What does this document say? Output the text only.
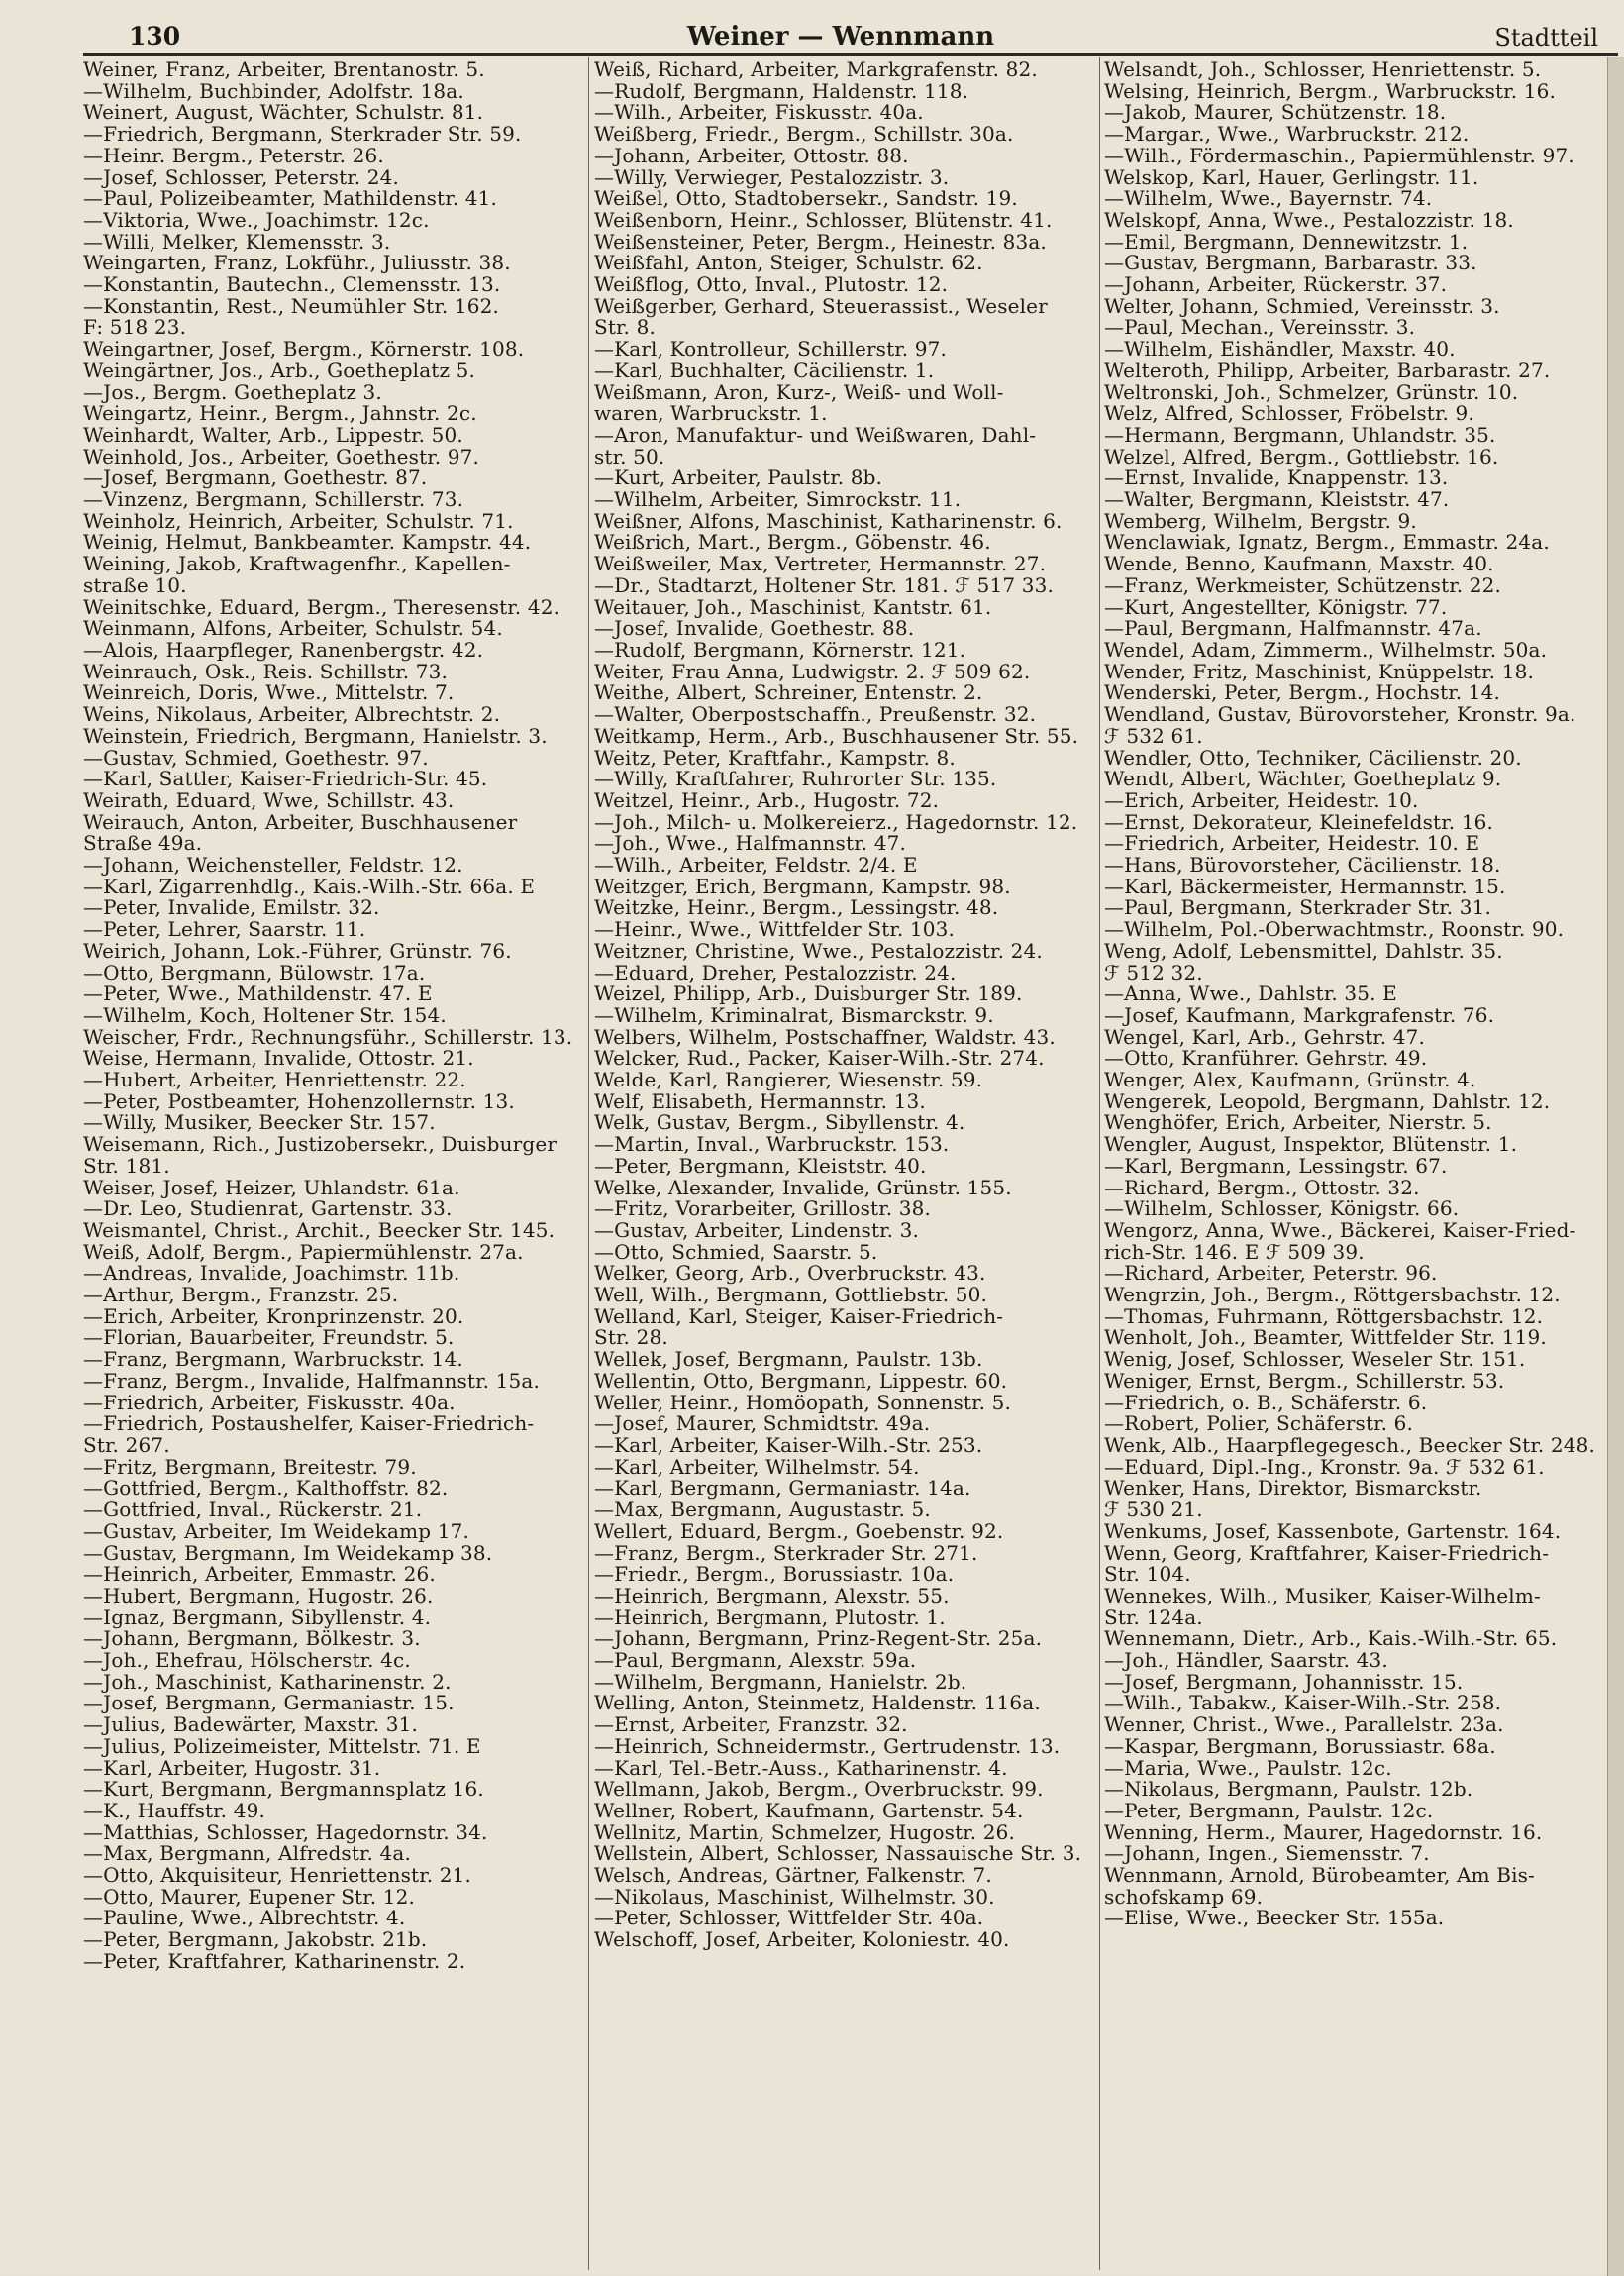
130	Weiner — Wennmann	Stadtteil
Weiner, Franz, Arbeiter, Brentanostr. 5.
—Wilhelm, Buchbinder, Adolfstr. 18a.
Weinert, August, Wächter, Schulstr. 81.
—Friedrich, Bergmann, Sterkrader Str. 59.
—Heinr. Bergm., Peterstr. 26.
—Josef, Schlosser, Peterstr. 24.
—Paul, Polizeibeamter, Mathildenstr. 41.
—Viktoria, Wwe., Joachimstr. 12c.
—Willi, Melker, Klemensstr. 3.
Weingarten, Franz, Lokführ., Juliusstr. 38.
—Konstantin, Bautechn., Clemensstr. 13.
—Konstantin, Rest., Neumühler Str. 162.
F: 518 23.
Weingartner, Josef, Bergm., Körnerstr. 108.
Weingärtner, Jos., Arb., Goetheplatz 5.
—Jos., Bergm. Goetheplatz 3.
Weingartz, Heinr., Bergm., Jahnstr. 2c.
Weinhardt, Walter, Arb., Lippestr. 50.
Weinhold, Jos., Arbeiter, Goethestr. 97.
—Josef, Bergmann, Goethestr. 87.
—Vinzenz, Bergmann, Schillerstr. 73.
Weinholz, Heinrich, Arbeiter, Schulstr. 71.
Weinig, Helmut, Bankbeamter. Kampstr. 44.
Weining, Jakob, Kraftwagenfhr., Kapellen-
straße 10.
Weinitschke, Eduard, Bergm., Theresenstr. 42.
Weinmann, Alfons, Arbeiter, Schulstr. 54.
—Alois, Haarpfleger, Ranenbergstr. 42.
Weinrauch, Osk., Reis. Schillstr. 73.
Weinreich, Doris, Wwe., Mittelstr. 7.
Weins, Nikolaus, Arbeiter, Albrechtstr. 2.
Weinstein, Friedrich, Bergmann, Hanielstr. 3.
—Gustav, Schmied, Goethestr. 97.
—Karl, Sattler, Kaiser-Friedrich-Str. 45.
Weirath, Eduard, Wwe, Schillstr. 43.
Weirauch, Anton, Arbeiter, Buschhausener
Straße 49a.
—Johann, Weichensteller, Feldstr. 12.
—Karl, Zigarrenhdlg., Kais.-Wilh.-Str. 66a. E
—Peter, Invalide, Emilstr. 32.
—Peter, Lehrer, Saarstr. 11.
Weirich, Johann, Lok.-Führer, Grünstr. 76.
—Otto, Bergmann, Bülowstr. 17a.
—Peter, Wwe., Mathildenstr. 47. E
—Wilhelm, Koch, Holtener Str. 154.
Weischer, Frdr., Rechnungsführ., Schillerstr. 13.
Weise, Hermann, Invalide, Ottostr. 21.
—Hubert, Arbeiter, Henriettenstr. 22.
—Peter, Postbeamter, Hohenzollernstr. 13.
—Willy, Musiker, Beecker Str. 157.
Weisemann, Rich., Justizobersekr., Duisburger
Str. 181.
Weiser, Josef, Heizer, Uhlandstr. 61a.
—Dr. Leo, Studienrat, Gartenstr. 33.
Weismantel, Christ., Archit., Beecker Str. 145.
Weiß, Adolf, Bergm., Papiermühlenstr. 27a.
—Andreas, Invalide, Joachimstr. 11b.
—Arthur, Bergm., Franzstr. 25.
—Erich, Arbeiter, Kronprinzenstr. 20.
—Florian, Bauarbeiter, Freundstr. 5.
—Franz, Bergmann, Warbruckstr. 14.
—Franz, Bergm., Invalide, Halfmannstr. 15a.
—Friedrich, Arbeiter, Fiskusstr. 40a.
—Friedrich, Postaushelfer, Kaiser-Friedrich-
Str. 267.
—Fritz, Bergmann, Breitestr. 79.
—Gottfried, Bergm., Kalthoffstr. 82.
—Gottfried, Inval., Rückerstr. 21.
—Gustav, Arbeiter, Im Weidekamp 17.
—Gustav, Bergmann, Im Weidekamp 38.
—Heinrich, Arbeiter, Emmastr. 26.
—Hubert, Bergmann, Hugostr. 26.
—Ignaz, Bergmann, Sibyllenstr. 4.
—Johann, Bergmann, Bölkestr. 3.
—Joh., Ehefrau, Hölscherstr. 4c.
—Joh., Maschinist, Katharinenstr. 2.
—Josef, Bergmann, Germaniastr. 15.
—Julius, Badewärter, Maxstr. 31.
—Julius, Polizeimeister, Mittelstr. 71. E
—Karl, Arbeiter, Hugostr. 31.
—Kurt, Bergmann, Bergmannsplatz 16.
—K., Hauffstr. 49.
—Matthias, Schlosser, Hagedornstr. 34.
—Max, Bergmann, Alfredstr. 4a.
—Otto, Akquisiteur, Henriettenstr. 21.
—Otto, Maurer, Eupener Str. 12.
—Pauline, Wwe., Albrechtstr. 4.
—Peter, Bergmann, Jakobstr. 21b.
—Peter, Kraftfahrer, Katharinenstr. 2.
Weiß, Richard, Arbeiter, Markgrafenstr. 82.
—Rudolf, Bergmann, Haldenstr. 118.
—Wilh., Arbeiter, Fiskusstr. 40a.
Weißberg, Friedr., Bergm., Schillstr. 30a.
—Johann, Arbeiter, Ottostr. 88.
—Willy, Verwieger, Pestalozzistr. 3.
Weißel, Otto, Stadtobersekr., Sandstr. 19.
Weißenborn, Heinr., Schlosser, Blütenstr. 41.
Weißensteiner, Peter, Bergm., Heinestr. 83a.
Weißfahl, Anton, Steiger, Schulstr. 62.
Weißflog, Otto, Inval., Plutostr. 12.
Weißgerber, Gerhard, Steuerassist., Weseler
Str. 8.
—Karl, Kontrolleur, Schillerstr. 97.
—Karl, Buchhalter, Cäcilienstr. 1.
Weißmann, Aron, Kurz-, Weiß- und Woll-
waren, Warbruckstr. 1.
—Aron, Manufaktur- und Weißwaren, Dahl-
str. 50.
—Kurt, Arbeiter, Paulstr. 8b.
—Wilhelm, Arbeiter, Simrockstr. 11.
Weißner, Alfons, Maschinist, Katharinenstr. 6.
Weißrich, Mart., Bergm., Göbenstr. 46.
Weißweiler, Max, Vertreter, Hermannstr. 27.
—Dr., Stadtarzt, Holtener Str. 181. ℱ 517 33.
Weitauer, Joh., Maschinist, Kantstr. 61.
—Josef, Invalide, Goethestr. 88.
—Rudolf, Bergmann, Körnerstr. 121.
Weiter, Frau Anna, Ludwigstr. 2. ℱ 509 62.
Weithe, Albert, Schreiner, Entenstr. 2.
—Walter, Oberpostschaffn., Preußenstr. 32.
Weitkamp, Herm., Arb., Buschhausener Str. 55.
Weitz, Peter, Kraftfahr., Kampstr. 8.
—Willy, Kraftfahrer, Ruhrorter Str. 135.
Weitzel, Heinr., Arb., Hugostr. 72.
—Joh., Milch- u. Molkereierz., Hagedornstr. 12.
—Joh., Wwe., Halfmannstr. 47.
—Wilh., Arbeiter, Feldstr. 2/4. E
Weitzger, Erich, Bergmann, Kampstr. 98.
Weitzke, Heinr., Bergm., Lessingstr. 48.
—Heinr., Wwe., Wittfelder Str. 103.
Weitzner, Christine, Wwe., Pestalozzistr. 24.
—Eduard, Dreher, Pestalozzistr. 24.
Weizel, Philipp, Arb., Duisburger Str. 189.
—Wilhelm, Kriminalrat, Bismarckstr. 9.
Welbers, Wilhelm, Postschaffner, Waldstr. 43.
Welcker, Rud., Packer, Kaiser-Wilh.-Str. 274.
Welde, Karl, Rangierer, Wiesenstr. 59.
Welf, Elisabeth, Hermannstr. 13.
Welk, Gustav, Bergm., Sibyllenstr. 4.
—Martin, Inval., Warbruckstr. 153.
—Peter, Bergmann, Kleiststr. 40.
Welke, Alexander, Invalide, Grünstr. 155.
—Fritz, Vorarbeiter, Grillostr. 38.
—Gustav, Arbeiter, Lindenstr. 3.
—Otto, Schmied, Saarstr. 5.
Welker, Georg, Arb., Overbruckstr. 43.
Well, Wilh., Bergmann, Gottliebstr. 50.
Welland, Karl, Steiger, Kaiser-Friedrich-
Str. 28.
Wellek, Josef, Bergmann, Paulstr. 13b.
Wellentin, Otto, Bergmann, Lippestr. 60.
Weller, Heinr., Homöopath, Sonnenstr. 5.
—Josef, Maurer, Schmidtstr. 49a.
—Karl, Arbeiter, Kaiser-Wilh.-Str. 253.
—Karl, Arbeiter, Wilhelmstr. 54.
—Karl, Bergmann, Germaniastr. 14a.
—Max, Bergmann, Augustastr. 5.
Wellert, Eduard, Bergm., Goebenstr. 92.
—Franz, Bergm., Sterkrader Str. 271.
—Friedr., Bergm., Borussiastr. 10a.
—Heinrich, Bergmann, Alexstr. 55.
—Heinrich, Bergmann, Plutostr. 1.
—Johann, Bergmann, Prinz-Regent-Str. 25a.
—Paul, Bergmann, Alexstr. 59a.
—Wilhelm, Bergmann, Hanielstr. 2b.
Welling, Anton, Steinmetz, Haldenstr. 116a.
—Ernst, Arbeiter, Franzstr. 32.
—Heinrich, Schneidermstr., Gertrudenstr. 13.
—Karl, Tel.-Betr.-Auss., Katharinenstr. 4.
Wellmann, Jakob, Bergm., Overbruckstr. 99.
Wellner, Robert, Kaufmann, Gartenstr. 54.
Wellnitz, Martin, Schmelzer, Hugostr. 26.
Wellstein, Albert, Schlosser, Nassauische Str. 3.
Welsch, Andreas, Gärtner, Falkenstr. 7.
—Nikolaus, Maschinist, Wilhelmstr. 30.
—Peter, Schlosser, Wittfelder Str. 40a.
Welschoff, Josef, Arbeiter, Koloniestr. 40.
Welsandt, Joh., Schlosser, Henriettenstr. 5.
Welsing, Heinrich, Bergm., Warbruckstr. 16.
—Jakob, Maurer, Schützenstr. 18.
—Margar., Wwe., Warbruckstr. 212.
—Wilh., Fördermaschin., Papiermühlenstr. 97.
Welskop, Karl, Hauer, Gerlingstr. 11.
—Wilhelm, Wwe., Bayernstr. 74.
Welskopf, Anna, Wwe., Pestalozzistr. 18.
—Emil, Bergmann, Dennewitzstr. 1.
—Gustav, Bergmann, Barbarastr. 33.
—Johann, Arbeiter, Rückerstr. 37.
Welter, Johann, Schmied, Vereinsstr. 3.
—Paul, Mechan., Vereinsstr. 3.
—Wilhelm, Eishändler, Maxstr. 40.
Welteroth, Philipp, Arbeiter, Barbarastr. 27.
Weltronski, Joh., Schmelzer, Grünstr. 10.
Welz, Alfred, Schlosser, Fröbelstr. 9.
—Hermann, Bergmann, Uhlandstr. 35.
Welzel, Alfred, Bergm., Gottliebstr. 16.
—Ernst, Invalide, Knappenstr. 13.
—Walter, Bergmann, Kleiststr. 47.
Wemberg, Wilhelm, Bergstr. 9.
Wenclawiak, Ignatz, Bergm., Emmastr. 24a.
Wende, Benno, Kaufmann, Maxstr. 40.
—Franz, Werkmeister, Schützenstr. 22.
—Kurt, Angestellter, Königstr. 77.
—Paul, Bergmann, Halfmannstr. 47a.
Wendel, Adam, Zimmerm., Wilhelmstr. 50a.
Wender, Fritz, Maschinist, Knüppelstr. 18.
Wenderski, Peter, Bergm., Hochstr. 14.
Wendland, Gustav, Bürovorsteher, Kronstr. 9a.
ℱ 532 61.
Wendler, Otto, Techniker, Cäcilienstr. 20.
Wendt, Albert, Wächter, Goetheplatz 9.
—Erich, Arbeiter, Heidestr. 10.
—Ernst, Dekorateur, Kleinefeldstr. 16.
—Friedrich, Arbeiter, Heidestr. 10. E
—Hans, Bürovorsteher, Cäcilienstr. 18.
—Karl, Bäckermeister, Hermannstr. 15.
—Paul, Bergmann, Sterkrader Str. 31.
—Wilhelm, Pol.-Oberwachtmstr., Roonstr. 90.
Weng, Adolf, Lebensmittel, Dahlstr. 35.
ℱ 512 32.
—Anna, Wwe., Dahlstr. 35. E
—Josef, Kaufmann, Markgrafenstr. 76.
Wengel, Karl, Arb., Gehrstr. 47.
—Otto, Kranführer. Gehrstr. 49.
Wenger, Alex, Kaufmann, Grünstr. 4.
Wengerek, Leopold, Bergmann, Dahlstr. 12.
Wenghöfer, Erich, Arbeiter, Nierstr. 5.
Wengler, August, Inspektor, Blütenstr. 1.
—Karl, Bergmann, Lessingstr. 67.
—Richard, Bergm., Ottostr. 32.
—Wilhelm, Schlosser, Königstr. 66.
Wengorz, Anna, Wwe., Bäckerei, Kaiser-Fried-
rich-Str. 146. E ℱ 509 39.
—Richard, Arbeiter, Peterstr. 96.
Wengrzin, Joh., Bergm., Röttgersbachstr. 12.
—Thomas, Fuhrmann, Röttgersbachstr. 12.
Wenholt, Joh., Beamter, Wittfelder Str. 119.
Wenig, Josef, Schlosser, Weseler Str. 151.
Weniger, Ernst, Bergm., Schillerstr. 53.
—Friedrich, o. B., Schäferstr. 6.
—Robert, Polier, Schäferstr. 6.
Wenk, Alb., Haarpflegegesch., Beecker Str. 248.
—Eduard, Dipl.-Ing., Kronstr. 9a. ℱ 532 61.
Wenker, Hans, Direktor, Bismarckstr.
ℱ 530 21.
Wenkums, Josef, Kassenbote, Gartenstr. 164.
Wenn, Georg, Kraftfahrer, Kaiser-Friedrich-
Str. 104.
Wennekes, Wilh., Musiker, Kaiser-Wilhelm-
Str. 124a.
Wennemann, Dietr., Arb., Kais.-Wilh.-Str. 65.
—Joh., Händler, Saarstr. 43.
—Josef, Bergmann, Johannisstr. 15.
—Wilh., Tabakw., Kaiser-Wilh.-Str. 258.
Wenner, Christ., Wwe., Parallelstr. 23a.
—Kaspar, Bergmann, Borussiastr. 68a.
—Maria, Wwe., Paulstr. 12c.
—Nikolaus, Bergmann, Paulstr. 12b.
—Peter, Bergmann, Paulstr. 12c.
Wenning, Herm., Maurer, Hagedornstr. 16.
—Johann, Ingen., Siemensstr. 7.
Wennmann, Arnold, Bürobeamter, Am Bis-
schofskamp 69.
—Elise, Wwe., Beecker Str. 155a.
